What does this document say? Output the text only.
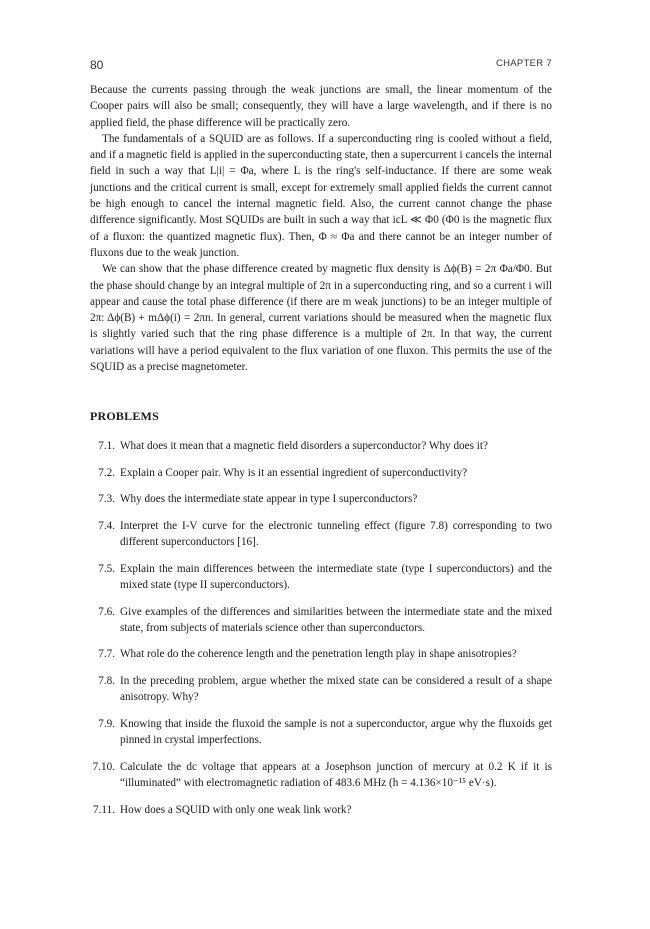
80	CHAPTER 7

Because the currents passing through the weak junctions are small, the linear momentum of the Cooper pairs will also be small; consequently, they will have a large wavelength, and if there is no applied field, the phase difference will be practically zero.

The fundamentals of a SQUID are as follows. If a superconducting ring is cooled without a field, and if a magnetic field is applied in the superconducting state, then a supercurrent i cancels the internal field in such a way that L|i| = Φa, where L is the ring's self-inductance. If there are some weak junctions and the critical current is small, except for extremely small applied fields the current cannot be high enough to cancel the internal magnetic field. Also, the current cannot change the phase difference significantly. Most SQUIDs are built in such a way that icL ≪ Φ0 (Φ0 is the magnetic flux of a fluxon: the quantized magnetic flux). Then, Φ ≈ Φa and there cannot be an integer number of fluxons due to the weak junction.

We can show that the phase difference created by magnetic flux density is Δϕ(B) = 2π Φa/Φ0. But the phase should change by an integral multiple of 2π in a superconducting ring, and so a current i will appear and cause the total phase difference (if there are m weak junctions) to be an integer multiple of 2π: Δϕ(B) + mΔϕ(i) = 2πn. In general, current variations should be measured when the magnetic flux is slightly varied such that the ring phase difference is a multiple of 2π. In that way, the current variations will have a period equivalent to the flux variation of one fluxon. This permits the use of the SQUID as a precise magnetometer.

PROBLEMS
7.1. What does it mean that a magnetic field disorders a superconductor? Why does it?
7.2. Explain a Cooper pair. Why is it an essential ingredient of superconductivity?
7.3. Why does the intermediate state appear in type I superconductors?
7.4. Interpret the I-V curve for the electronic tunneling effect (figure 7.8) corresponding to two different superconductors [16].
7.5. Explain the main differences between the intermediate state (type I superconductors) and the mixed state (type II superconductors).
7.6. Give examples of the differences and similarities between the intermediate state and the mixed state, from subjects of materials science other than superconductors.
7.7. What role do the coherence length and the penetration length play in shape anisotropies?
7.8. In the preceding problem, argue whether the mixed state can be considered a result of a shape anisotropy. Why?
7.9. Knowing that inside the fluxoid the sample is not a superconductor, argue why the fluxoids get pinned in crystal imperfections.
7.10. Calculate the dc voltage that appears at a Josephson junction of mercury at 0.2 K if it is “illuminated” with electromagnetic radiation of 483.6 MHz (h = 4.136×10⁻¹⁵ eV·s).
7.11. How does a SQUID with only one weak link work?
